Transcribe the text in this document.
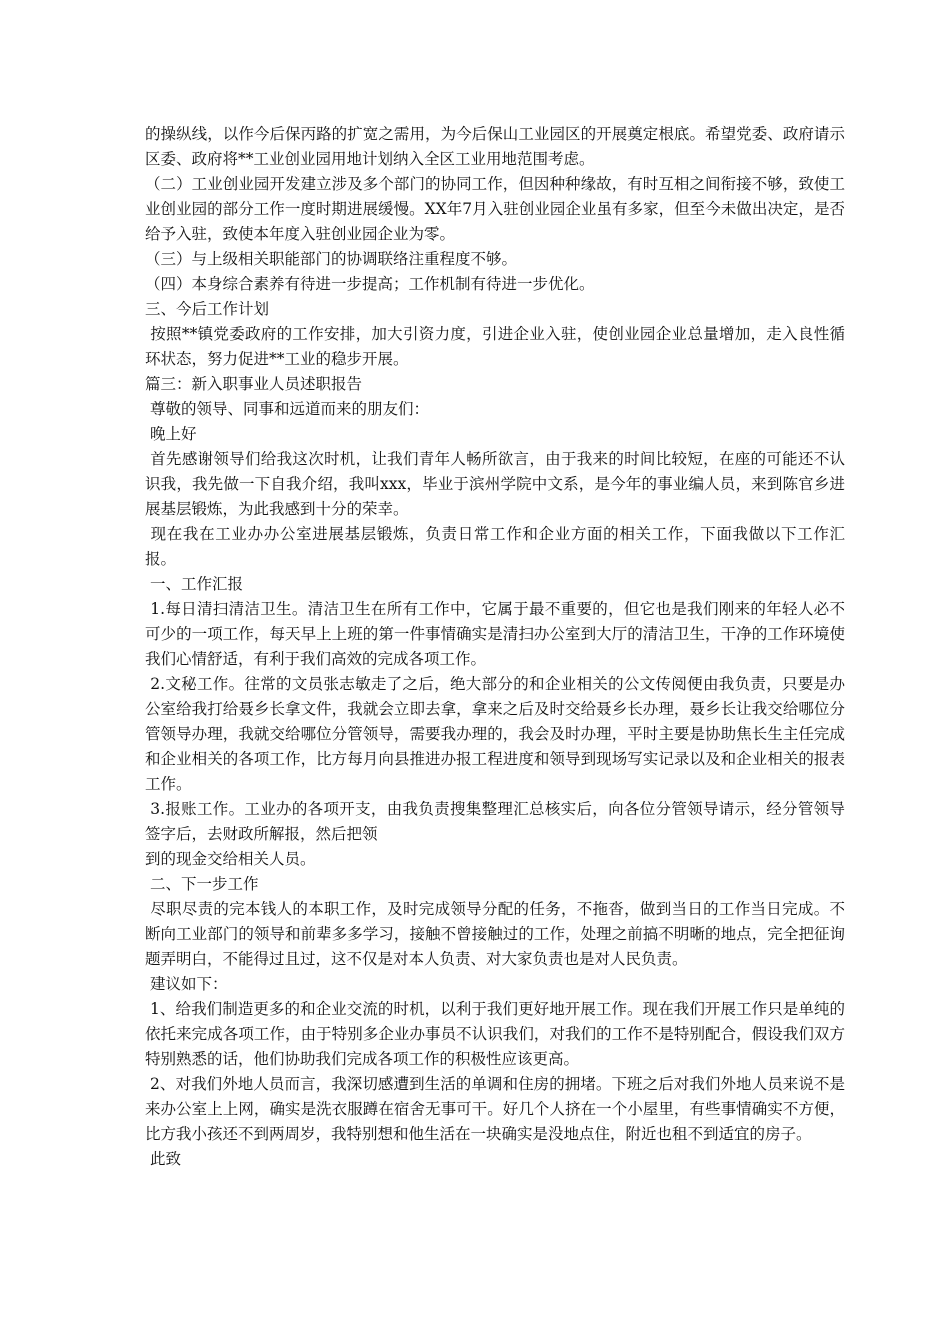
的操纵线，以作今后保丙路的扩宽之需用，为今后保山工业园区的开展奠定根底。希望党委、政府请示区委、政府将**工业创业园用地计划纳入全区工业用地范围考虑。

（二）工业创业园开发建立涉及多个部门的协同工作，但因种种缘故，有时互相之间衔接不够，致使工业创业园的部分工作一度时期进展缓慢。XX年7月入驻创业园企业虽有多家，但至今未做出决定，是否给予入驻，致使本年度入驻创业园企业为零。

（三）与上级相关职能部门的协调联络注重程度不够。

（四）本身综合素养有待进一步提高；工作机制有待进一步优化。

三、今后工作计划

按照**镇党委政府的工作安排，加大引资力度，引进企业入驻，使创业园企业总量增加，走入良性循环状态，努力促进**工业的稳步开展。

篇三：新入职事业人员述职报告

尊敬的领导、同事和远道而来的朋友们：

晚上好

首先感谢领导们给我这次时机，让我们青年人畅所欲言，由于我来的时间比较短，在座的可能还不认识我，我先做一下自我介绍，我叫xxx，毕业于滨州学院中文系，是今年的事业编人员，来到陈官乡进展基层锻炼，为此我感到十分的荣幸。

现在我在工业办办公室进展基层锻炼，负责日常工作和企业方面的相关工作，下面我做以下工作汇报。

一、工作汇报

1.每日清扫清洁卫生。清洁卫生在所有工作中，它属于最不重要的，但它也是我们刚来的年轻人必不可少的一项工作，每天早上上班的第一件事情确实是清扫办公室到大厅的清洁卫生，干净的工作环境使我们心情舒适，有利于我们高效的完成各项工作。

2.文秘工作。往常的文员张志敏走了之后，绝大部分的和企业相关的公文传阅便由我负责，只要是办公室给我打给聂乡长拿文件，我就会立即去拿，拿来之后及时交给聂乡长办理，聂乡长让我交给哪位分管领导办理，我就交给哪位分管领导，需要我办理的，我会及时办理，平时主要是协助焦长生主任完成和企业相关的各项工作，比方每月向县推进办报工程进度和领导到现场写实记录以及和企业相关的报表工作。

3.报账工作。工业办的各项开支，由我负责搜集整理汇总核实后，向各位分管领导请示，经分管领导签字后，去财政所解报，然后把领

到的现金交给相关人员。

二、下一步工作

尽职尽责的完本钱人的本职工作，及时完成领导分配的任务，不拖沓，做到当日的工作当日完成。不断向工业部门的领导和前辈多多学习，接触不曾接触过的工作，处理之前搞不明晰的地点，完全把征询题弄明白，不能得过且过，这不仅是对本人负责、对大家负责也是对人民负责。

建议如下：

1、给我们制造更多的和企业交流的时机，以利于我们更好地开展工作。现在我们开展工作只是单纯的依托来完成各项工作，由于特别多企业办事员不认识我们，对我们的工作不是特别配合，假设我们双方特别熟悉的话，他们协助我们完成各项工作的积极性应该更高。

2、对我们外地人员而言，我深切感遭到生活的单调和住房的拥堵。下班之后对我们外地人员来说不是来办公室上上网，确实是洗衣服蹲在宿舍无事可干。好几个人挤在一个小屋里，有些事情确实不方便，比方我小孩还不到两周岁，我特别想和他生活在一块确实是没地点住，附近也租不到适宜的房子。

此致
